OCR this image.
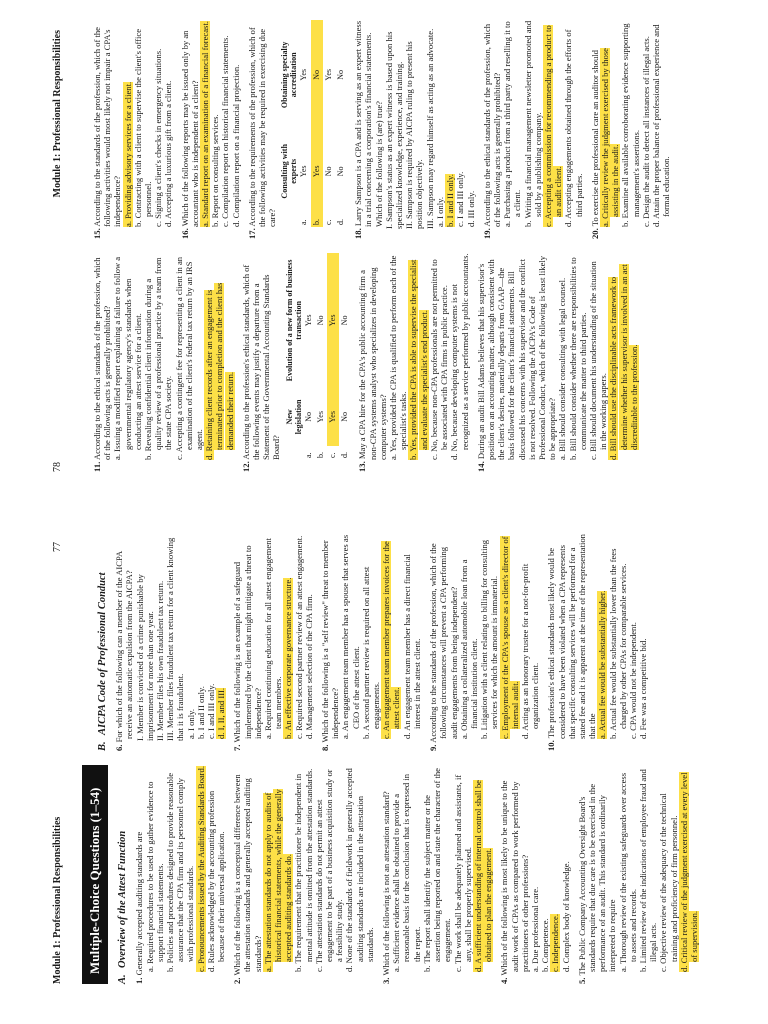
Module 1: Professional Responsibilities
77
Multiple-Choice Questions (1–54)
A.Overview of the Attest Function
1. Generally accepted auditing standards are a. Required procedures to be used to gather evidence to support financial statements. b. Policies and procedures designed to provide reasonable assurance that the CPA firm and its personnel comply with professional standards. c. Pronouncements issued by the Auditing Standards Board. d. Rules acknowledged by the accounting profession because of their universal application.
2. Which of the following is a conceptual difference between the attestation standards and generally accepted auditing standards? a. The attestation standards do not apply to audits of historical financial statements, while the generally accepted auditing standards do. b. The requirement that the practitioner be independent in mental attitude is omitted from the attestation standards. c. The attestation standards do not permit an attest engagement to be part of a business acquisition study or a feasibility study. d. None of the standards of fieldwork in generally accepted auditing standards are included in the attestation standards.
3. Which of the following is not an attestation standard? a. Sufficient evidence shall be obtained to provide a reasonable basis for the conclusion that is expressed in the report. b. The report shall identify the subject matter or the assertion being reported on and state the character of the engagement. c. The work shall be adequately planned and assistants, if any, shall be properly supervised. d. A sufficient understanding of internal control shall be obtained to plan the engagement.
4. Which of the following is most likely to be unique to the audit work of CPAs as compared to work performed by practitioners of other professions? a. Due professional care. b. Competence. c. Independence. d. Complex body of knowledge.
5. The Public Company Accounting Oversight Board's standards require that due care is to be exercised in the performance of an audit. This standard is ordinarily interpreted to require a. Thorough review of the existing safeguards over access to assets and records. b. Limited review of the indications of employee fraud and illegal acts. c. Objective review of the adequacy of the technical training and proficiency of firm personnel. d. Critical review of the judgment exercised at every level of supervision.
B.AICPA Code of Professional Conduct
6. For which of the following can a member of the AICPA receive an automatic expulsion from the AICPA? I. Member is convicted of a crime punishable by imprisonment for more than one year. II. Member files his own fraudulent tax return. III. Member files fraudulent tax return for a client knowing that it is fraudulent. a. I only. b. I and II only. c. I and III only. d. I, II, and III.
7. Which of the following is an example of a safeguard implemented by the client that might mitigate a threat to independence? a. Required continuing education for all attest engagement team members. b. An effective corporate governance structure. c. Required second partner review of an attest engagement. d. Management selection of the CPA firm.
8. Which of the following is a "self review" threat to member independence? a. An engagement team member has a spouse that serves as CEO of the attest client. b. A second partner review is required on all attest engagements. c. An engagement team member prepares invoices for the attest client. d. An engagement team member has a direct financial interest in the attest client.
9. According to the standards of the profession, which of the following circumstances will prevent a CPA performing audit engagements from being independent? a. Obtaining a collateralized automobile loan from a financial institution client. b. Litigation with a client relating to billing for consulting services for which the amount is immaterial. c. Employment of the CPA's spouse as a client's director of internal audit. d. Acting as an honorary trustee for a not-for-profit organization client.
10. The profession's ethical standards most likely would be considered to have been violated when a CPA represents that specific consulting services will be performed for a stated fee and it is apparent at the time of the representation that the a. Actual fee would be substantially higher. b. Actual fee would be substantially lower than the fees charged by other CPAs for comparable services. c. CPA would not be independent. d. Fee was a competitive bid.
78
Module 1: Professional Responsibilities
11. According to the ethical standards of the profession, which of the following acts is generally prohibited? a. Issuing a modified report explaining a failure to follow a governmental regulatory agency's standards when conducting an attest service for a client. b. Revealing confidential client information during a quality review of a professional practice by a team from the state CPA society. c. Accepting a contingent fee for representing a client in an examination of the client's federal tax return by an IRS agent. d. Retaining client records after an engagement is terminated prior to completion and the client has demanded their return.
12. According to the profession's ethical standards, which of the following events may justify a departure from a Statement of the Governmental Accounting Standards Board?
	New legislation	Evolution of a new form of business transaction
a.	No	Yes
b.	Yes	No
c.	Yes	Yes
d.	No	No
13. May a CPA hire for the CPA's public accounting firm a non-CPA systems analyst who specializes in developing computer systems? a. Yes, provided the CPA is qualified to perform each of the specialist's tasks. b. Yes, provided the CPA is able to supervise the specialist and evaluate the specialist's end product. c. No, because non-CPA professionals are not permitted to be associated with CPA firms in public practice. d. No, because developing computer systems is not recognized as a service performed by public accountants.
14. During an audit Bill Adams believes that his supervisor's position on an accounting matter, although consistent with the client's desires, materially departs from GAAP—the basis followed for the client's financial statements. Bill discussed his concerns with his supervisor and the conflict is not resolved. Following the AICPA's Code of Professional Conduct, which of the following is least likely to be appropriate? a. Bill should consider consulting with legal counsel. b. Bill should consider whether there are responsibilities to communicate the matter to third parties. c. Bill should document his understanding of the situation in the working papers. d. Bill should use the disciplinable acts framework to determine whether his supervisor is involved in an act discreditable to the profession.
15. According to the standards of the profession, which of the following activities would most likely not impair a CPA's independence? a. Providing advisory services for a client. b. Contracting with a client to supervise the client's office personnel. c. Signing a client's checks in emergency situations. d. Accepting a luxurious gift from a client.
16. Which of the following reports may be issued only by an accountant who is independent of a client? a. Standard report on an examination of a financial forecast. b. Report on consulting services. c. Compilation report on historical financial statements. d. Compilation report on a financial projection.
17. According to the requirements of the profession, which of the following activities may be required in exercising due care?
	Consulting with experts	Obtaining specialty accreditation
a.	Yes	Yes
b.	Yes	No
c.	No	Yes
d.	No	No
18. Larry Sampson is a CPA and is serving as an expert witness in a trial concerning a corporation's financial statements. Which of the following is (are) true? I. Sampson's status as an expert witness is based upon his specialized knowledge, experience, and training. II. Sampson is required by AICPA ruling to present his position objectively. III. Sampson may regard himself as acting as an advocate. a. I only. b. I and II only. c. I and III only. d. III only.
19. According to the ethical standards of the profession, which of the following acts is generally prohibited? a. Purchasing a product from a third party and reselling it to a client. b. Writing a financial management newsletter promoted and sold by a publishing company. c. Accepting a commission for recommending a product to an audit client. d. Accepting engagements obtained through the efforts of third parties.
20. To exercise due professional care an auditor should a. Critically review the judgment exercised by those assisting in the audit. b. Examine all available corroborating evidence supporting management's assertions. c. Design the audit to detect all instances of illegal acts. d. Attain the proper balance of professional experience and formal education.
